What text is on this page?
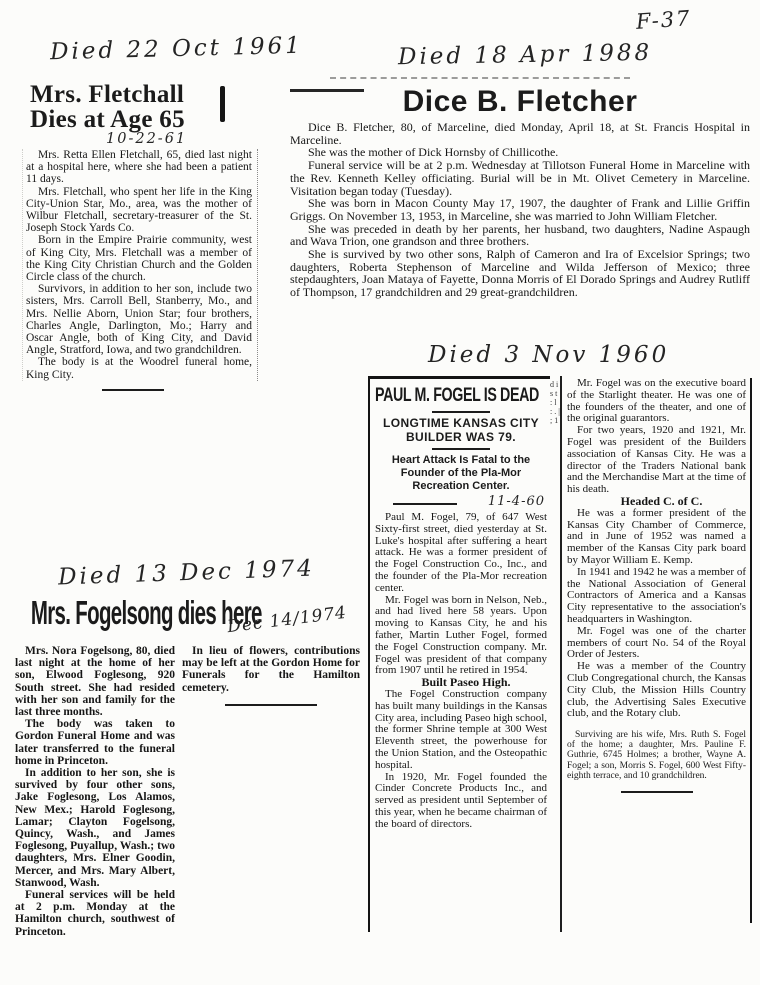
F-37
Died 22 Oct 1961
Mrs. Fletchall
Dies at Age 65
10-22-61

Mrs. Retta Ellen Fletchall, 65, died last night at a hospital here, where she had been a patient 11 days.

Mrs. Fletchall, who spent her life in the King City-Union Star, Mo., area, was the mother of Wilbur Fletchall, secretary-treasurer of the St. Joseph Stock Yards Co.

Born in the Empire Prairie community, west of King City, Mrs. Fletchall was a member of the King City Christian Church and the Golden Circle class of the church.

Survivors, in addition to her son, include two sisters, Mrs. Carroll Bell, Stanberry, Mo., and Mrs. Nellie Aborn, Union Star; four brothers, Charles Angle, Darlington, Mo.; Harry and Oscar Angle, both of King City, and David Angle, Stratford, Iowa, and two grandchildren.

The body is at the Woodrel funeral home, King City.

Died 18 Apr 1988
Dice B. Fletcher

Dice B. Fletcher, 80, of Marceline, died Monday, April 18, at St. Francis Hospital in Marceline.

She was the mother of Dick Hornsby of Chillicothe.

Funeral service will be at 2 p.m. Wednesday at Tillotson Funeral Home in Marceline with the Rev. Kenneth Kelley officiating. Burial will be in Mt. Olivet Cemetery in Marceline. Visitation began today (Tuesday).

She was born in Macon County May 17, 1907, the daughter of Frank and Lillie Griffin Griggs. On November 13, 1953, in Marceline, she was married to John William Fletcher.

She was preceded in death by her parents, her husband, two daughters, Nadine Aspaugh and Wava Trion, one grandson and three brothers.

She is survived by two other sons, Ralph of Cameron and Ira of Excelsior Springs; two daughters, Roberta Stephenson of Marceline and Wilda Jefferson of Mexico; three stepdaughters, Joan Mataya of Fayette, Donna Morris of El Dorado Springs and Audrey Rutliff of Thompson, 17 grandchildren and 29 great-grandchildren.

Died 3 Nov 1960
PAUL M. FOGEL IS DEAD
LONGTIME KANSAS CITY BUILDER WAS 79.
Heart Attack Is Fatal to the Founder of the Pla-Mor Recreation Center.
11-4-60

Paul M. Fogel, 79, of 647 West Sixty-first street, died yesterday at St. Luke's hospital after suffering a heart attack. He was a former president of the Fogel Construction Co., Inc., and the founder of the Pla-Mor recreation center.

Mr. Fogel was born in Nelson, Neb., and had lived here 58 years. Upon moving to Kansas City, he and his father, Martin Luther Fogel, formed the Fogel Construction company. Mr. Fogel was president of that company from 1907 until he retired in 1954.

Built Paseo High.

The Fogel Construction company has built many buildings in the Kansas City area, including Paseo high school, the former Shrine temple at 300 West Eleventh street, the powerhouse for the Union Station, and the Osteopathic hospital.

In 1920, Mr. Fogel founded the Cinder Concrete Products Inc., and served as president until September of this year, when he became chairman of the board of directors.

d i s t : l : . | ; 1

Mr. Fogel was on the executive board of the Starlight theater. He was one of the founders of the theater, and one of the original guarantors.

For two years, 1920 and 1921, Mr. Fogel was president of the Builders association of Kansas City. He was a director of the Traders National bank and the Merchandise Mart at the time of his death.

Headed C. of C.

He was a former president of the Kansas City Chamber of Commerce, and in June of 1952 was named a member of the Kansas City park board by Mayor William E. Kemp.

In 1941 and 1942 he was a member of the National Association of General Contractors of America and a Kansas City representative to the association's headquarters in Washington.

Mr. Fogel was one of the charter members of court No. 54 of the Royal Order of Jesters.

He was a member of the Country Club Congregational church, the Kansas City Club, the Mission Hills Country club, the Advertising Sales Executive club, and the Rotary club.

Surviving are his wife, Mrs. Ruth S. Fogel of the home; a daughter, Mrs. Pauline F. Guthrie, 6745 Holmes; a brother, Wayne A. Fogel; a son, Morris S. Fogel, 600 West Fifty-eighth terrace, and 10 grandchildren.

Died 13 Dec 1974
Mrs. Fogelsong dies here
Dec 14/1974

Mrs. Nora Fogelsong, 80, died last night at the home of her son, Elwood Foglesong, 920 South street. She had resided with her son and family for the last three months.

The body was taken to Gordon Funeral Home and was later transferred to the funeral home in Princeton.

In addition to her son, she is survived by four other sons, Jake Foglesong, Los Alamos, New Mex.; Harold Foglesong, Lamar; Clayton Fogelsong, Quincy, Wash., and James Foglesong, Puyallup, Wash.; two daughters, Mrs. Elner Goodin, Mercer, and Mrs. Mary Albert, Stanwood, Wash.

Funeral services will be held at 2 p.m. Monday at the Hamilton church, southwest of Princeton.

In lieu of flowers, contributions may be left at the Gordon Home for Funerals for the Hamilton cemetery.
